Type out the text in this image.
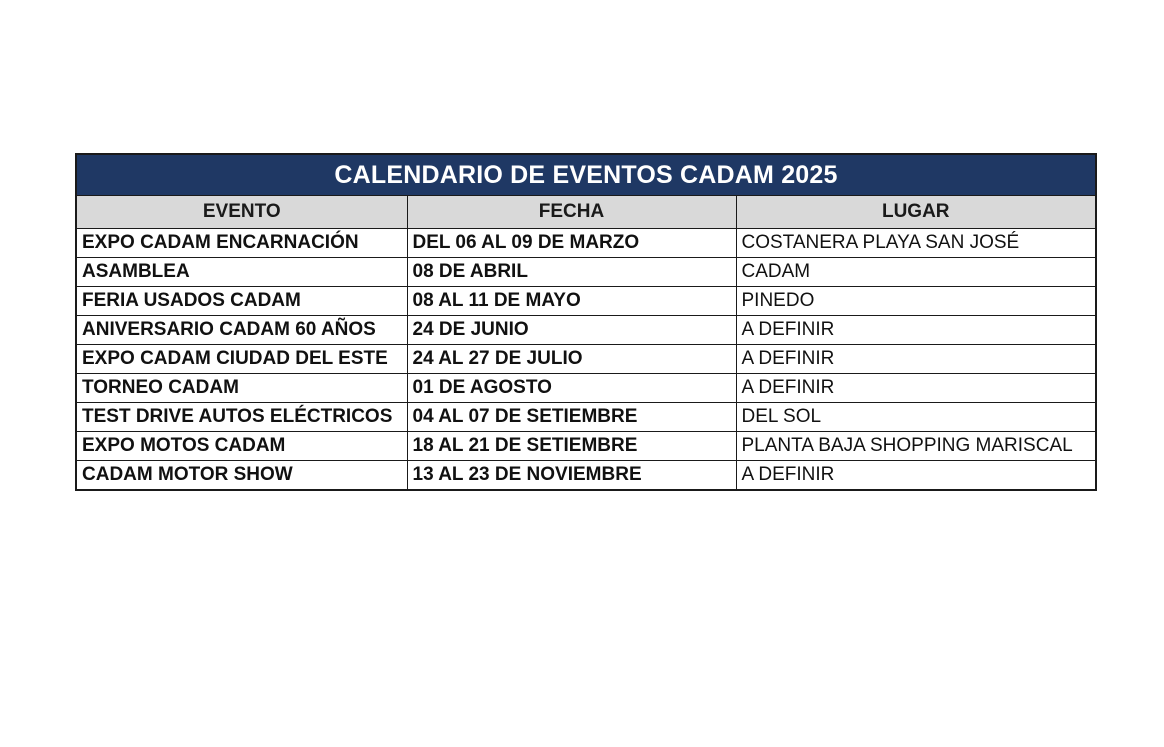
CALENDARIO DE EVENTOS CADAM 2025		
EVENTO	FECHA	LUGAR
EXPO CADAM ENCARNACIÓN	DEL 06 AL 09 DE MARZO	COSTANERA PLAYA SAN JOSÉ
ASAMBLEA	08 DE ABRIL	CADAM
FERIA USADOS CADAM	08 AL 11 DE MAYO	PINEDO
ANIVERSARIO CADAM 60 AÑOS	24 DE JUNIO	A DEFINIR
EXPO CADAM CIUDAD DEL ESTE	24 AL 27 DE JULIO	A DEFINIR
TORNEO CADAM	01 DE AGOSTO	A DEFINIR
TEST DRIVE AUTOS ELÉCTRICOS	04 AL 07 DE SETIEMBRE	DEL SOL
EXPO MOTOS CADAM	18 AL 21 DE SETIEMBRE	PLANTA BAJA SHOPPING MARISCAL
CADAM MOTOR SHOW	13 AL 23 DE NOVIEMBRE	A DEFINIR
